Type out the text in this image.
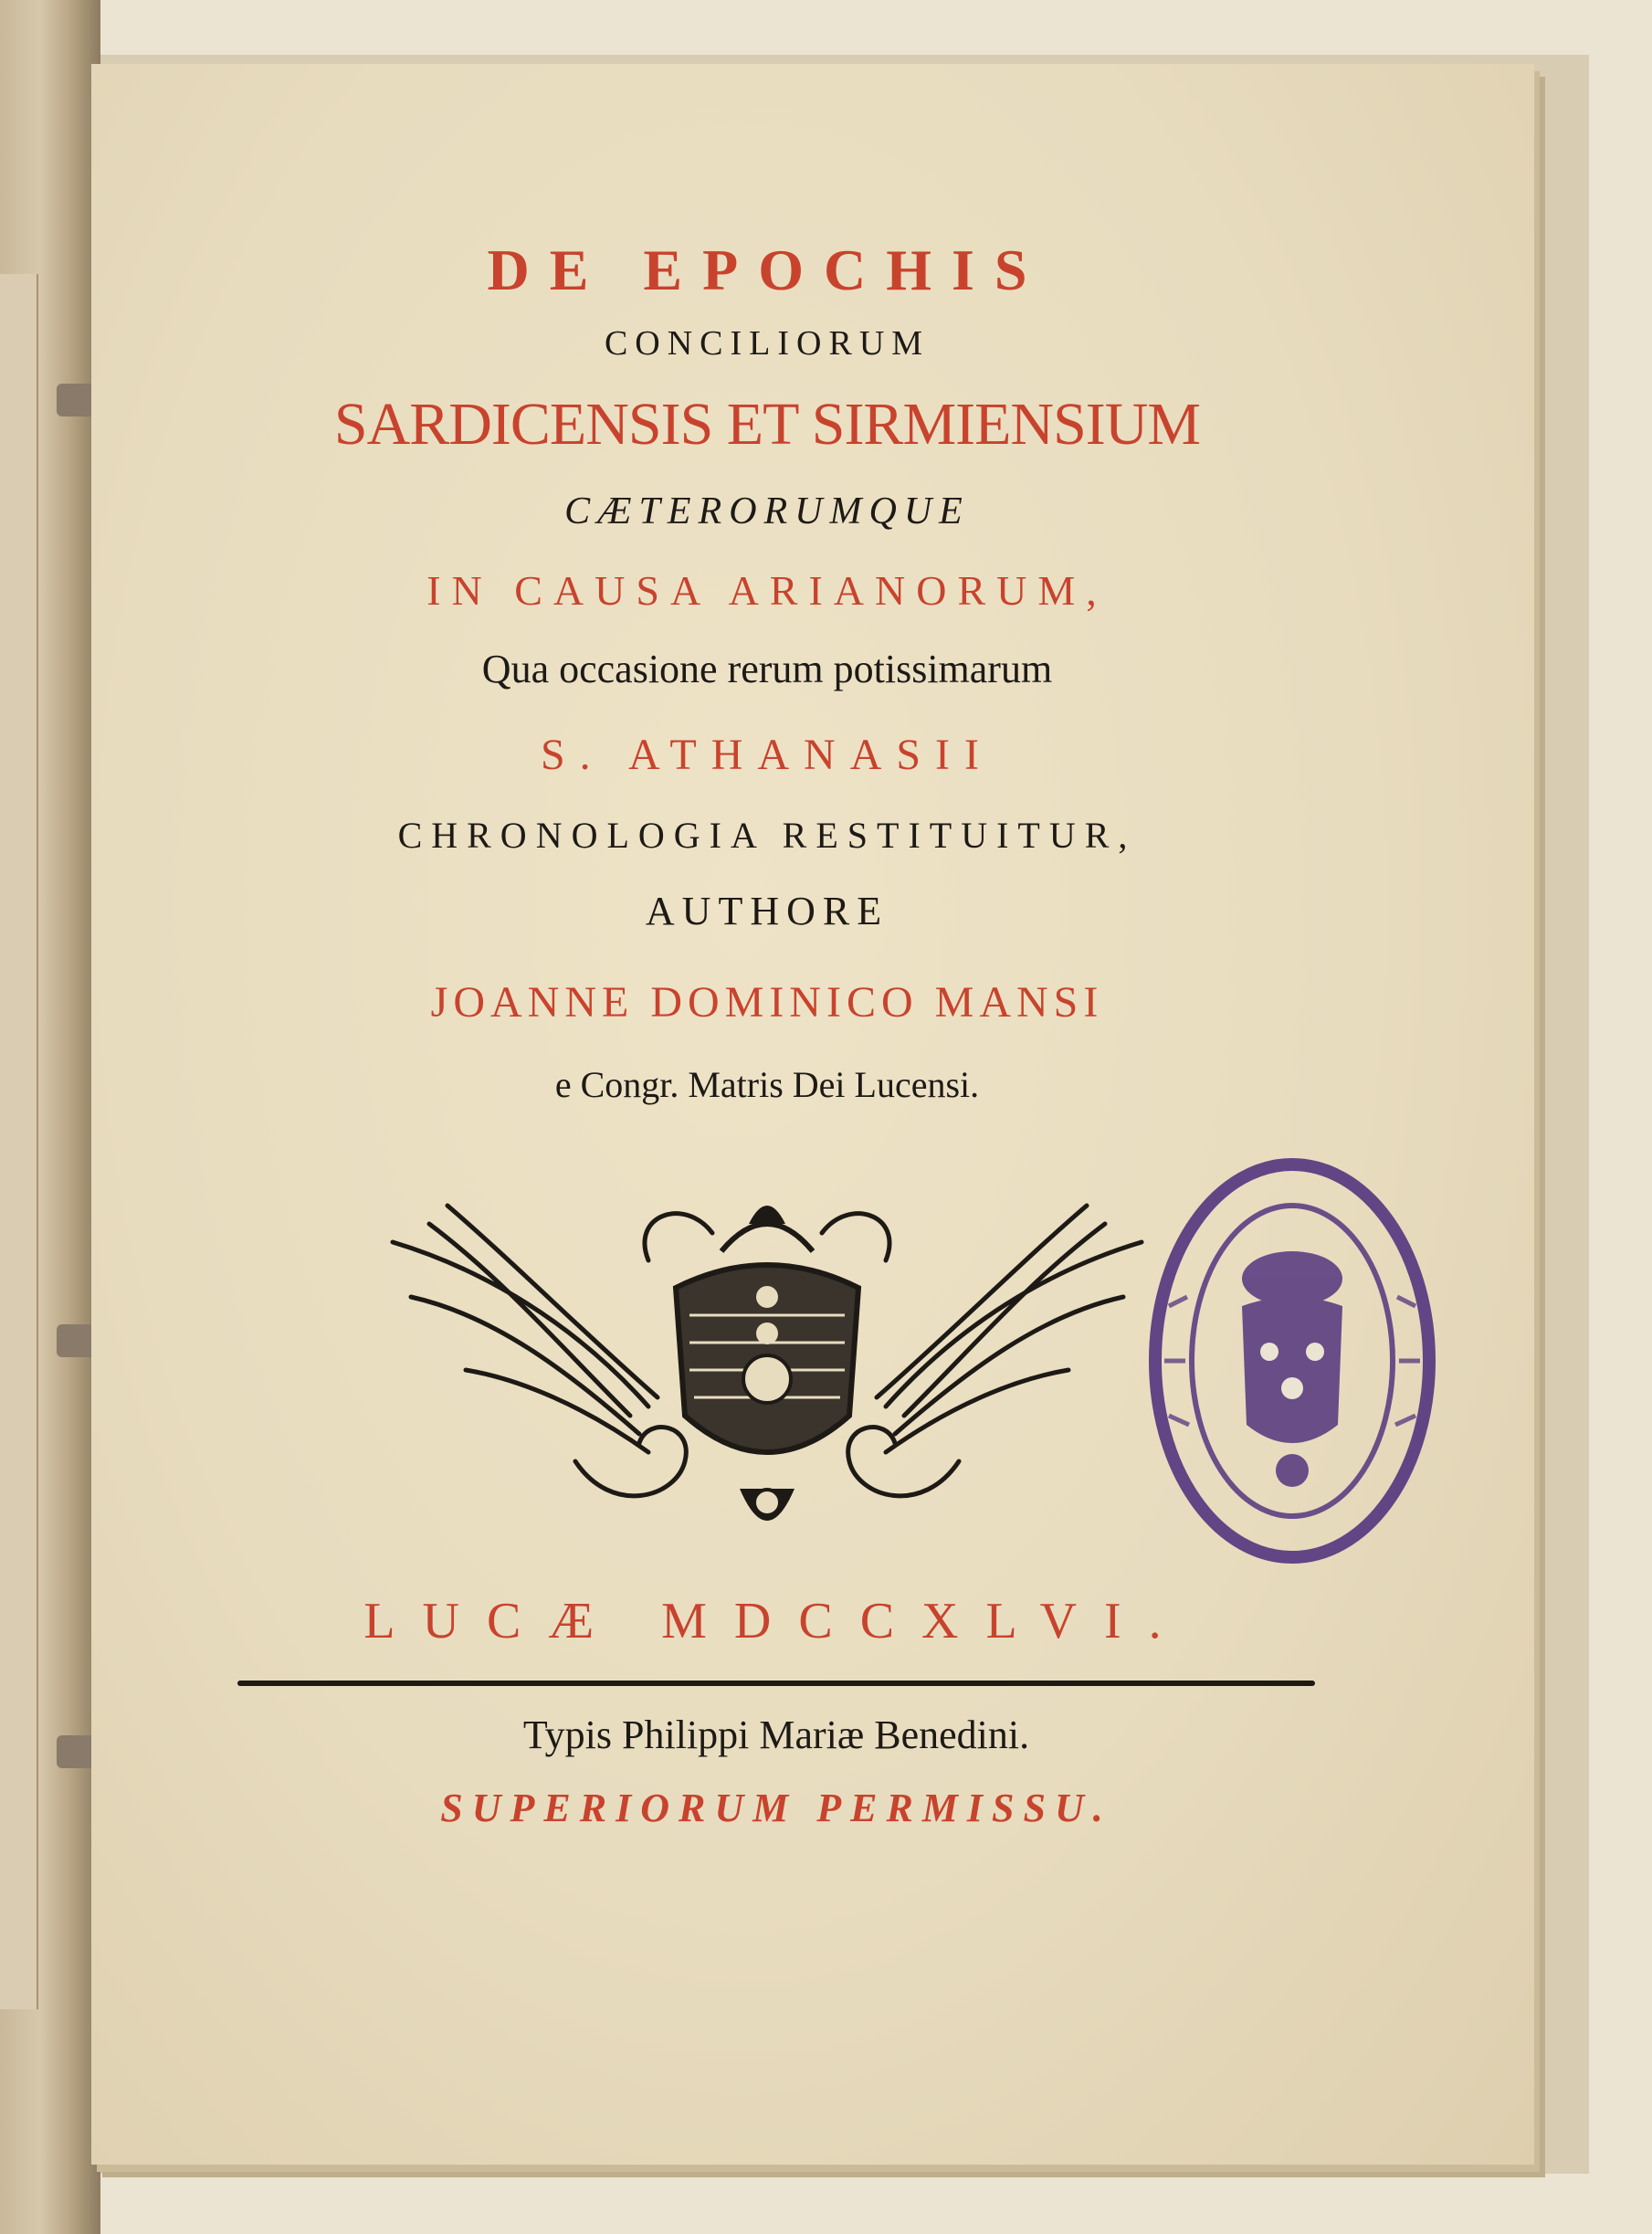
DE EPOCHIS
CONCILIORUM
SARDICENSIS ET SIRMIENSIUM
CÆTERORUMQUE
IN CAUSA ARIANORUM,
Qua occasione rerum potissimarum
S. ATHANASII
CHRONOLOGIA RESTITUITUR,
AUTHORE
JOANNE DOMINICO MANSI
e Congr. Matris Dei Lucensi.
LUCÆ MDCCXLVI.
Typis Philippi Mariæ Benedini.
SUPERIORUM PERMISSU.
